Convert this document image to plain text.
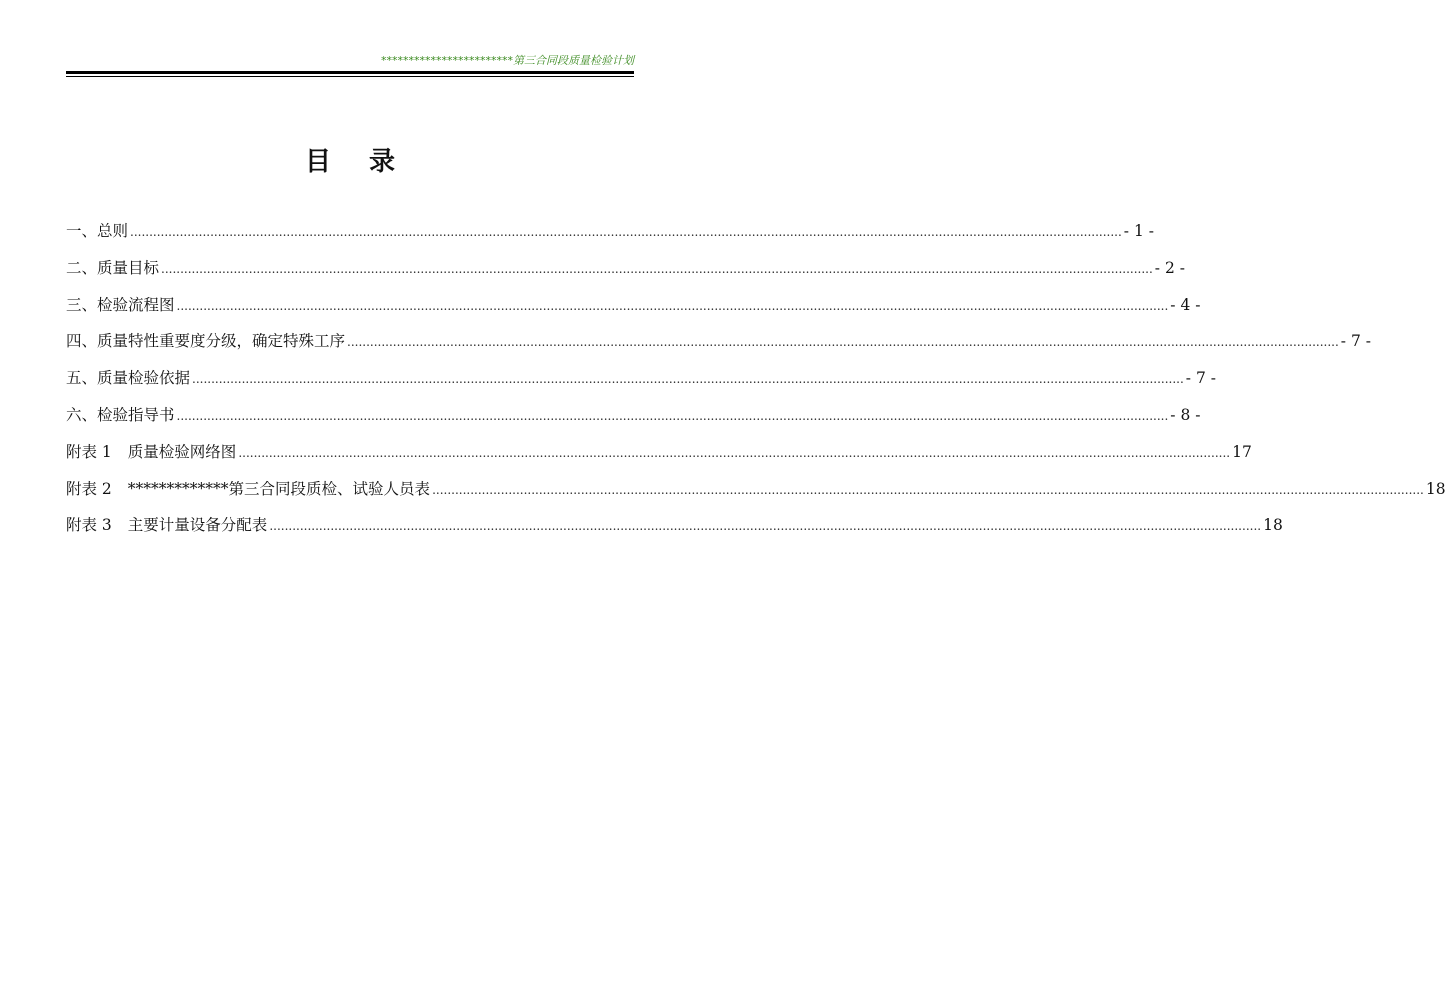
************************第三合同段质量检验计划
目录
一、总则 .................................................................................................................................................................................................................................................................... - 1 -
二、质量目标 .................................................................................................................................................................................................................................................................... - 2 -
三、检验流程图 .................................................................................................................................................................................................................................................................... - 4 -
四、质量特性重要度分级，确定特殊工序 .................................................................................................................................................................................................................................................................... - 7 -
五、质量检验依据 .................................................................................................................................................................................................................................................................... - 7 -
六、检验指导书 .................................................................................................................................................................................................................................................................... - 8 -
附表 1 质量检验网络图 .................................................................................................................................................................................................................................................................... 17
附表 2 *************第三合同段质检、试验人员表 .................................................................................................................................................................................................................................................................... 18
附表 3 主要计量设备分配表 .................................................................................................................................................................................................................................................................... 18
